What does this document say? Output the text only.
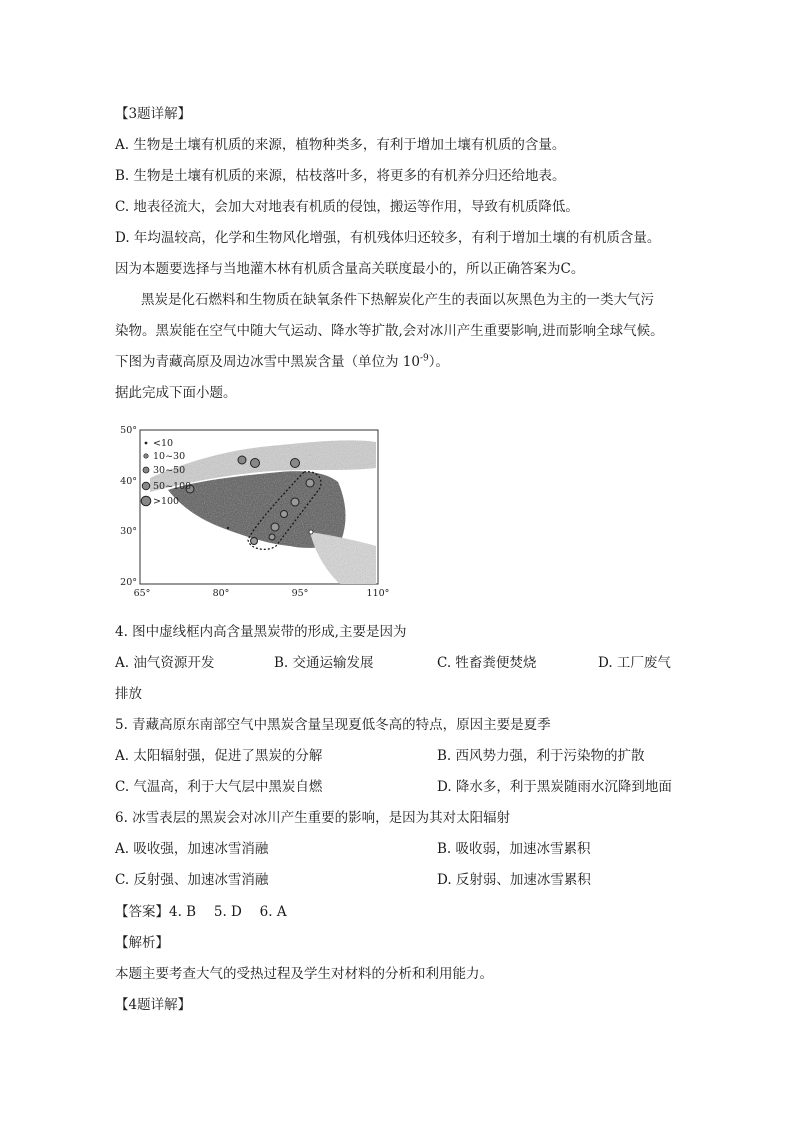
【3题详解】
A. 生物是土壤有机质的来源，植物种类多，有利于增加土壤有机质的含量。
B. 生物是土壤有机质的来源，枯枝落叶多，将更多的有机养分归还给地表。
C. 地表径流大，会加大对地表有机质的侵蚀，搬运等作用，导致有机质降低。
D. 年均温较高，化学和生物风化增强，有机残体归还较多，有利于增加土壤的有机质含量。
因为本题要选择与当地灌木林有机质含量高关联度最小的，所以正确答案为C。
黑炭是化石燃料和生物质在缺氧条件下热解炭化产生的表面以灰黑色为主的一类大气污
染物。黑炭能在空气中随大气运动、降水等扩散,会对冰川产生重要影响,进而影响全球气候。
下图为青藏高原及周边冰雪中黑炭含量（单位为 $10^{-9}$）。
据此完成下面小题。
<10
10~30
30~50
50~100
>100
50°
40°
30°
20°
65°	80°	95°	110°
4. 图中虚线框内高含量黑炭带的形成,主要是因为
A. 油气资源开发	B. 交通运输发展	C. 牲畜粪便焚烧	D. 工厂废气
排放
5. 青藏高原东南部空气中黑炭含量呈现夏低冬高的特点，原因主要是夏季
A. 太阳辐射强，促进了黑炭的分解	B. 西风势力强，利于污染物的扩散
C. 气温高，利于大气层中黑炭自燃	D. 降水多，利于黑炭随雨水沉降到地面
6. 冰雪表层的黑炭会对冰川产生重要的影响，是因为其对太阳辐射
A. 吸收强，加速冰雪消融	B. 吸收弱，加速冰雪累积
C. 反射强、加速冰雪消融	D. 反射弱、加速冰雪累积
【答案】4. B　 5. D　 6. A
【解析】
本题主要考查大气的受热过程及学生对材料的分析和利用能力。
【4题详解】
